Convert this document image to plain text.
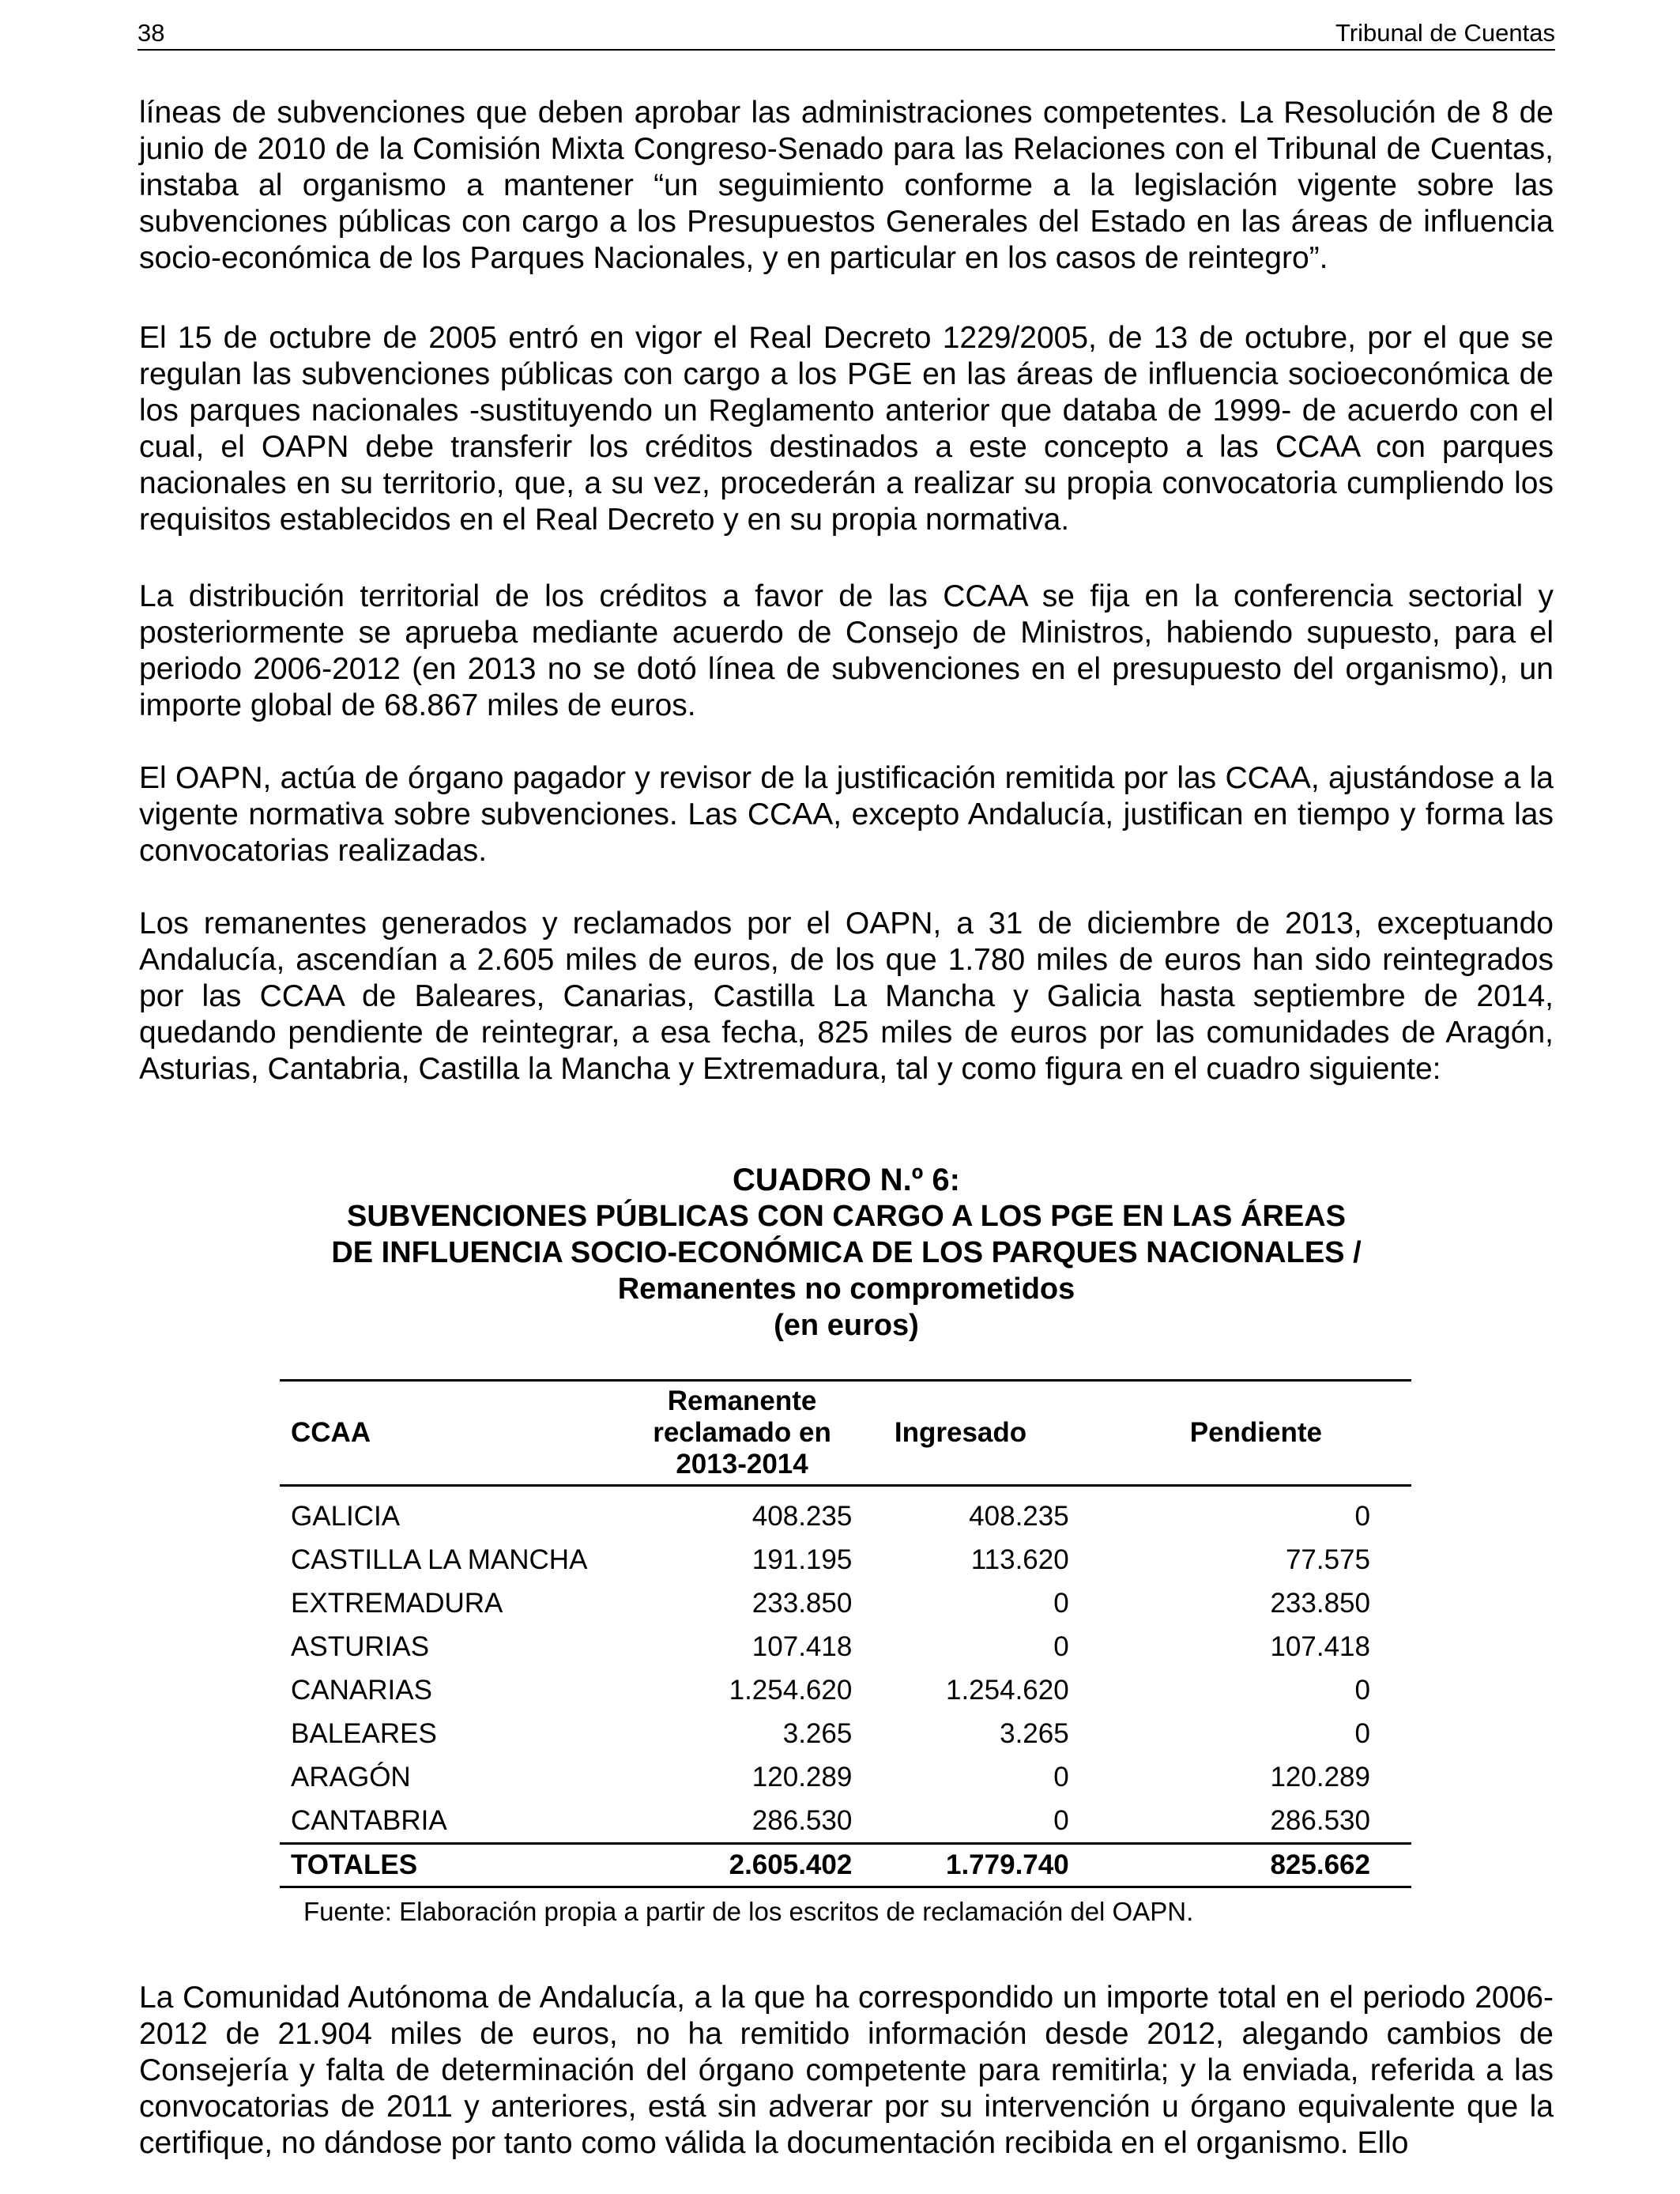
38	Tribunal de Cuentas

líneas de subvenciones que deben aprobar las administraciones competentes. La Resolución de 8 de junio de 2010 de la Comisión Mixta Congreso-Senado para las Relaciones con el Tribunal de Cuentas, instaba al organismo a mantener “un seguimiento conforme a la legislación vigente sobre las subvenciones públicas con cargo a los Presupuestos Generales del Estado en las áreas de influencia socio-económica de los Parques Nacionales, y en particular en los casos de reintegro”.

El 15 de octubre de 2005 entró en vigor el Real Decreto 1229/2005, de 13 de octubre, por el que se regulan las subvenciones públicas con cargo a los PGE en las áreas de influencia socioeconómica de los parques nacionales -sustituyendo un Reglamento anterior que databa de 1999- de acuerdo con el cual, el OAPN debe transferir los créditos destinados a este concepto a las CCAA con parques nacionales en su territorio, que, a su vez, procederán a realizar su propia convocatoria cumpliendo los requisitos establecidos en el Real Decreto y en su propia normativa.

La distribución territorial de los créditos a favor de las CCAA se fija en la conferencia sectorial y posteriormente se aprueba mediante acuerdo de Consejo de Ministros, habiendo supuesto, para el periodo 2006-2012 (en 2013 no se dotó línea de subvenciones en el presupuesto del organismo), un importe global de 68.867 miles de euros.

El OAPN, actúa de órgano pagador y revisor de la justificación remitida por las CCAA, ajustándose a la vigente normativa sobre subvenciones. Las CCAA, excepto Andalucía, justifican en tiempo y forma las convocatorias realizadas.

Los remanentes generados y reclamados por el OAPN, a 31 de diciembre de 2013, exceptuando Andalucía, ascendían a 2.605 miles de euros, de los que 1.780 miles de euros han sido reintegrados por las CCAA de Baleares, Canarias, Castilla La Mancha y Galicia hasta septiembre de 2014, quedando pendiente de reintegrar, a esa fecha, 825 miles de euros por las comunidades de Aragón, Asturias, Cantabria, Castilla la Mancha y Extremadura, tal y como figura en el cuadro siguiente:

CUADRO N.º 6:
SUBVENCIONES PÚBLICAS CON CARGO A LOS PGE EN LAS ÁREAS
DE INFLUENCIA SOCIO-ECONÓMICA DE LOS PARQUES NACIONALES /
Remanentes no comprometidos
(en euros)
CCAA	Remanente
reclamado en
2013-2014	Ingresado	Pendiente
GALICIA	408.235	408.235	0
CASTILLA LA MANCHA	191.195	113.620	77.575
EXTREMADURA	233.850	0	233.850
ASTURIAS	107.418	0	107.418
CANARIAS	1.254.620	1.254.620	0
BALEARES	3.265	3.265	0
ARAGÓN	120.289	0	120.289
CANTABRIA	286.530	0	286.530
TOTALES	2.605.402	1.779.740	825.662
Fuente: Elaboración propia a partir de los escritos de reclamación del OAPN.

La Comunidad Autónoma de Andalucía, a la que ha correspondido un importe total en el periodo 2006-2012 de 21.904 miles de euros, no ha remitido información desde 2012, alegando cambios de Consejería y falta de determinación del órgano competente para remitirla; y la enviada, referida a las convocatorias de 2011 y anteriores, está sin adverar por su intervención u órgano equivalente que la certifique, no dándose por tanto como válida la documentación recibida en el organismo. Ello
